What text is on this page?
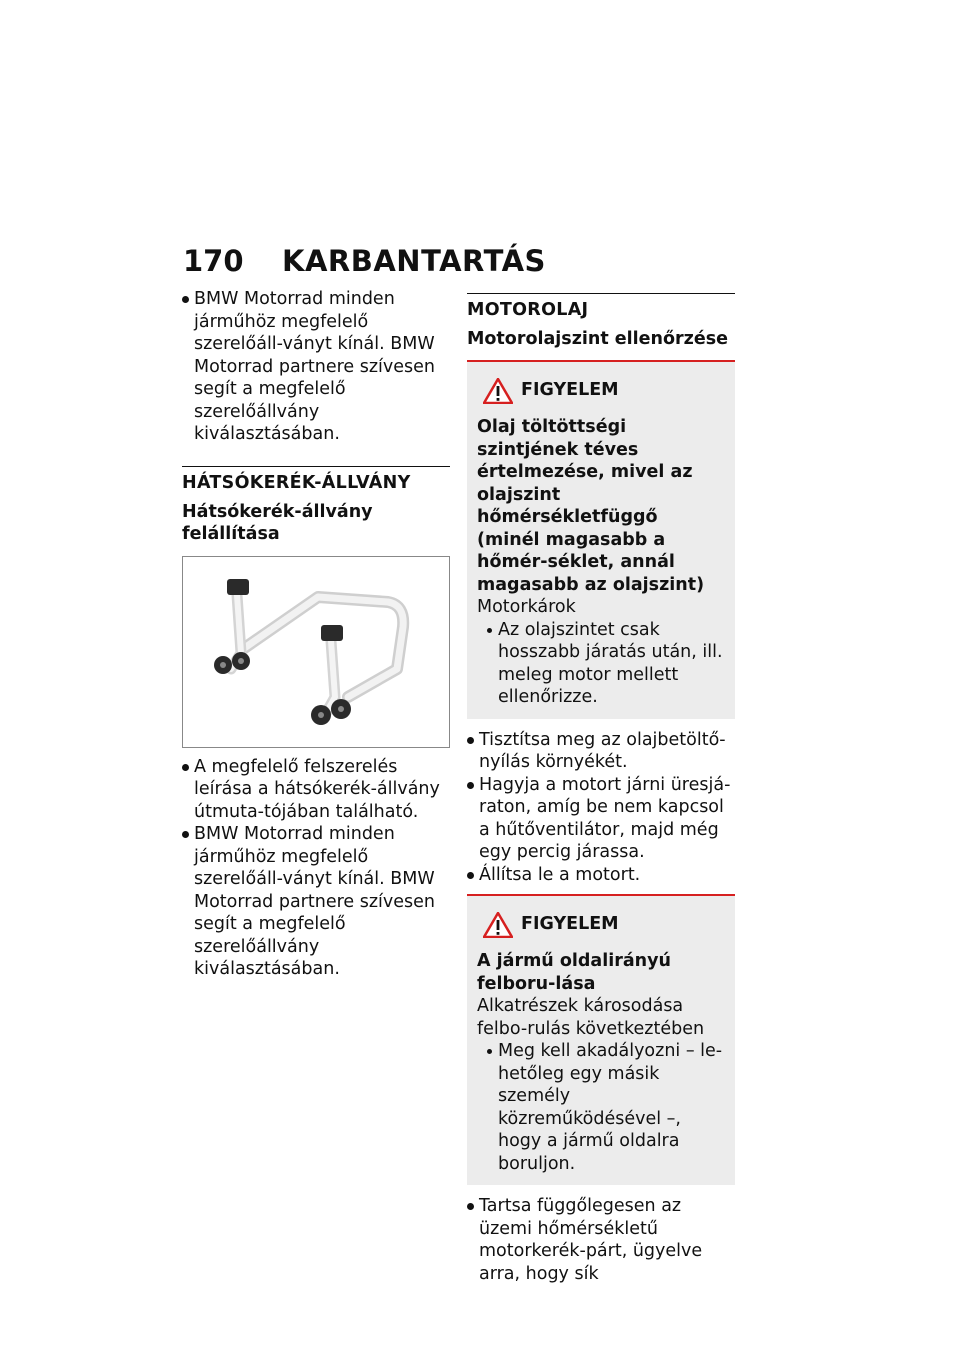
170 KARBANTARTÁS
BMW Motorrad minden járműhöz megfelelő szerelőáll-ványt kínál. BMW Motorrad partnere szívesen segít a megfelelő szerelőállvány kiválasztásában.
HÁTSÓKERÉK-ÁLLVÁNY
Hátsókerék-állvány felállítása
A megfelelő felszerelés leírása a hátsókerék-állvány útmuta-tójában található.
BMW Motorrad minden járműhöz megfelelő szerelőáll-ványt kínál. BMW Motorrad partnere szívesen segít a megfelelő szerelőállvány kiválasztásában.
MOTOROLAJ
Motorolajszint ellenőrzése
FIGYELEM
Olaj töltöttségi szintjének téves értelmezése, mivel az olajszint hőmérsékletfüggő (minél magasabb a hőmér-séklet, annál magasabb az olajszint)
Motorkárok
Az olajszintet csak hosszabb járatás után, ill. meleg motor mellett ellenőrizze.
Tisztítsa meg az olajbetöltő-nyílás környékét.
Hagyja a motort járni üresjá-raton, amíg be nem kapcsol a hűtőventilátor, majd még egy percig járassa.
Állítsa le a motort.
FIGYELEM
A jármű oldalirányú felboru-lása
Alkatrészek károsodása felbo-rulás következtében
Meg kell akadályozni – le-hetőleg egy másik személy közreműködésével –, hogy a jármű oldalra boruljon.
Tartsa függőlegesen az üzemi hőmérsékletű motorkerék-párt, ügyelve arra, hogy sík
